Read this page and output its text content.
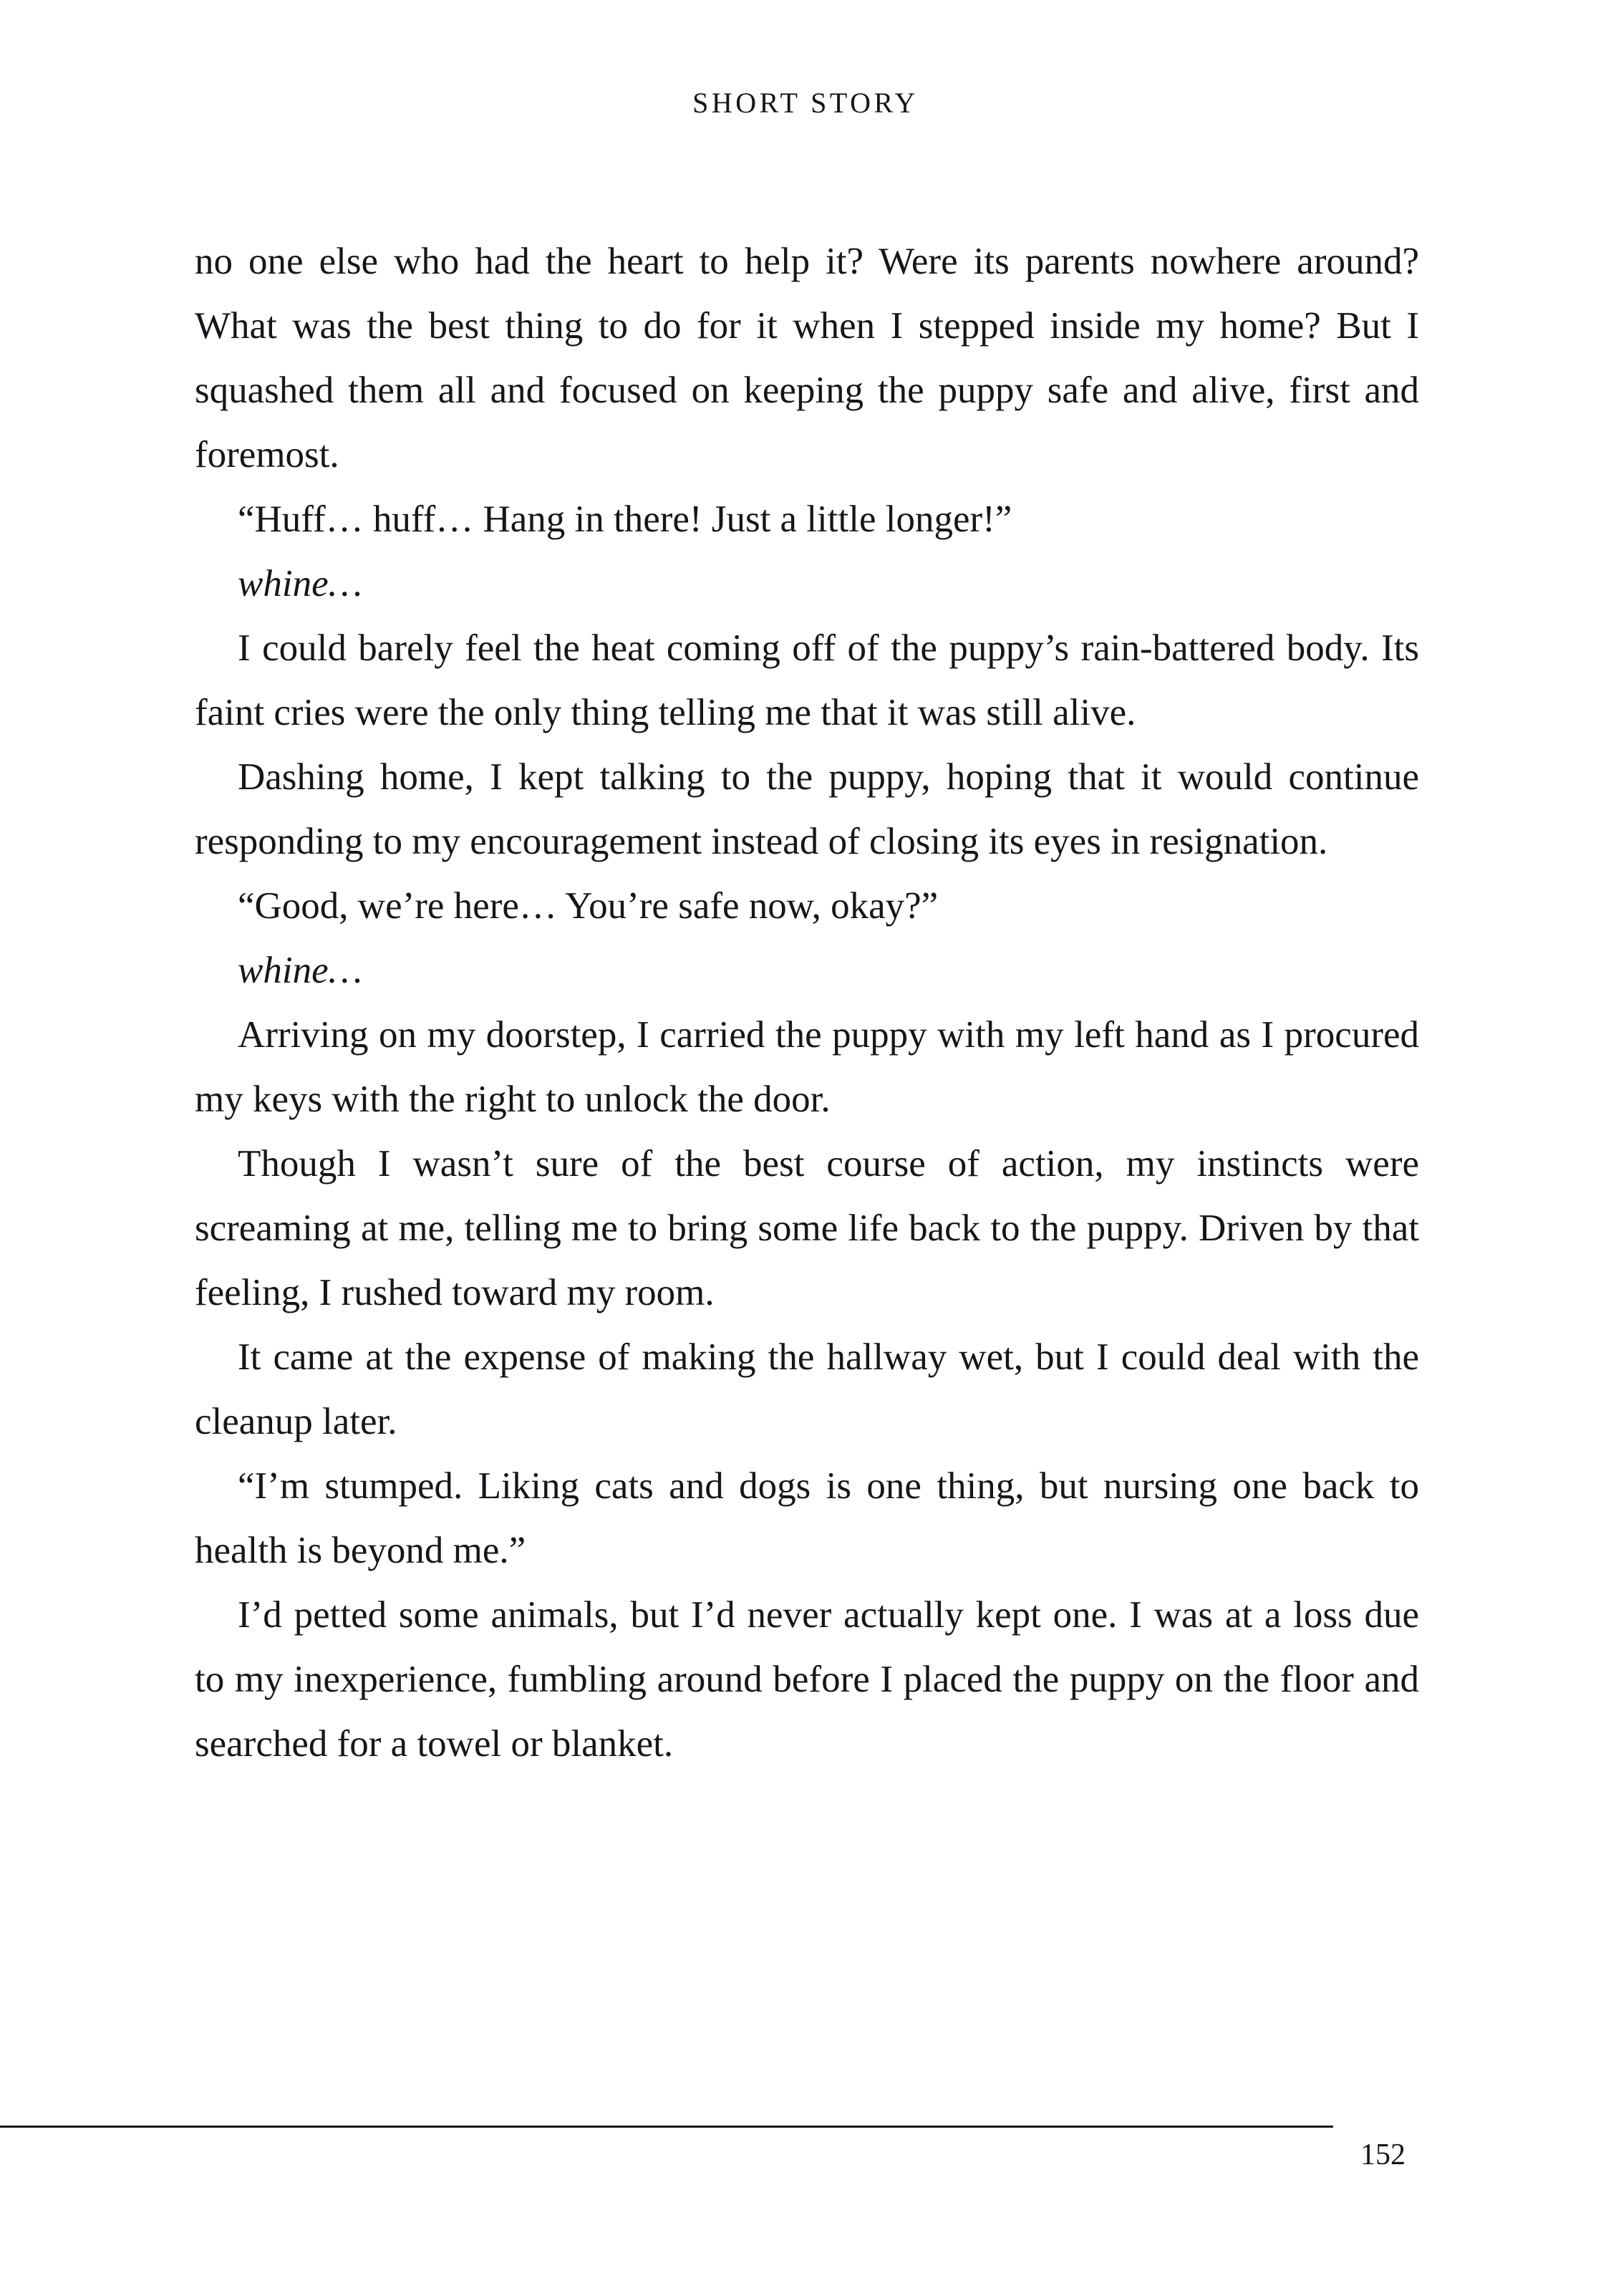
SHORT STORY

no one else who had the heart to help it? Were its parents nowhere around? What was the best thing to do for it when I stepped inside my home? But I squashed them all and focused on keeping the puppy safe and alive, first and foremost.

“Huff… huff… Hang in there! Just a little longer!”

whine…

I could barely feel the heat coming off of the puppy’s rain-battered body. Its faint cries were the only thing telling me that it was still alive.

Dashing home, I kept talking to the puppy, hoping that it would continue responding to my encouragement instead of closing its eyes in resignation.

“Good, we’re here… You’re safe now, okay?”

whine…

Arriving on my doorstep, I carried the puppy with my left hand as I procured my keys with the right to unlock the door.

Though I wasn’t sure of the best course of action, my instincts were screaming at me, telling me to bring some life back to the puppy. Driven by that feeling, I rushed toward my room.

It came at the expense of making the hallway wet, but I could deal with the cleanup later.

“I’m stumped. Liking cats and dogs is one thing, but nursing one back to health is beyond me.”

I’d petted some animals, but I’d never actually kept one. I was at a loss due to my inexperience, fumbling around before I placed the puppy on the floor and searched for a towel or blanket.

152
